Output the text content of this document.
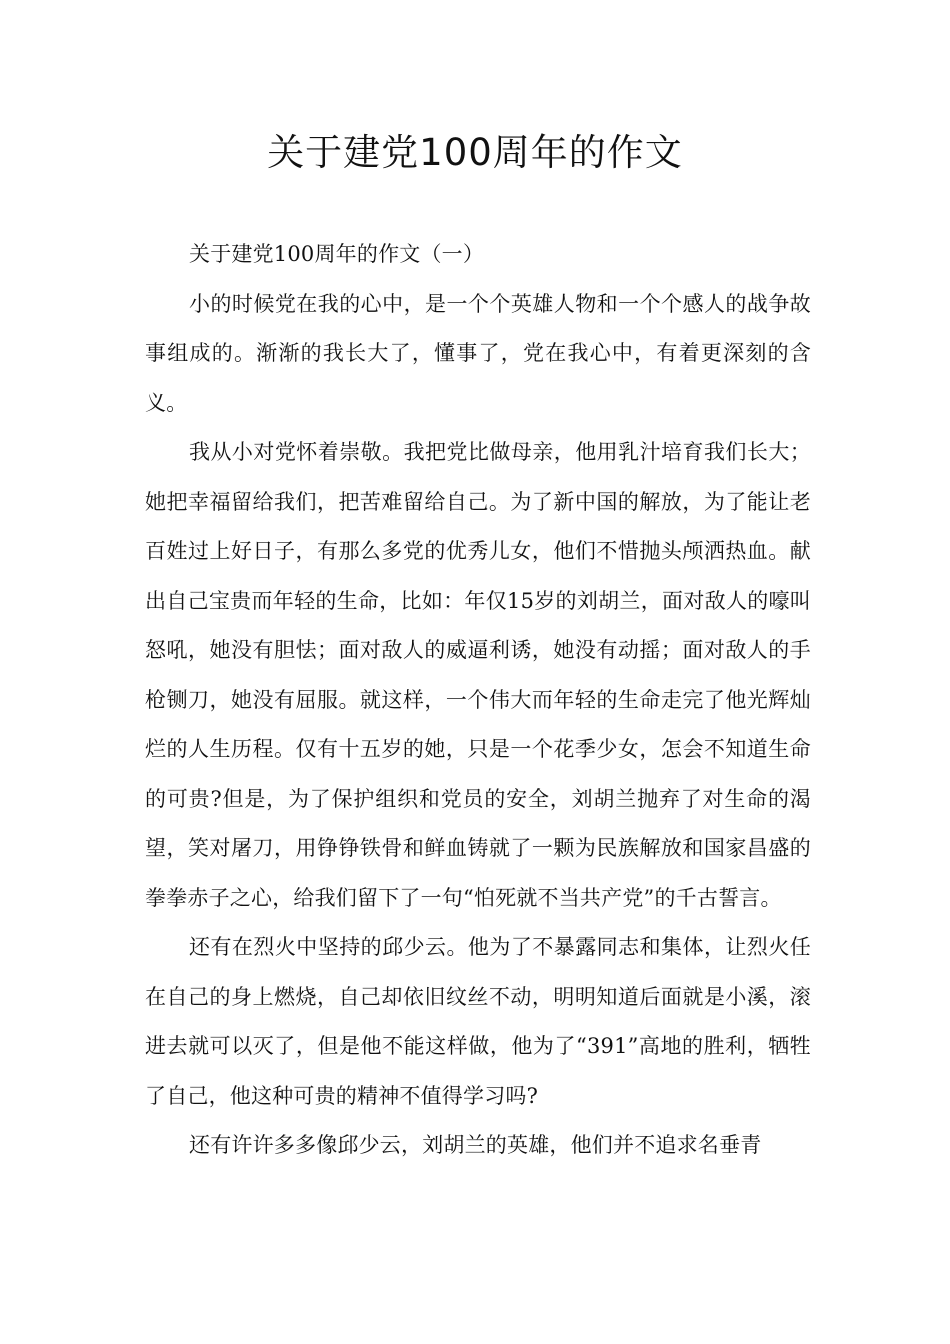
关于建党100周年的作文

关于建党100周年的作文（一）

小的时候党在我的心中，是一个个英雄人物和一个个感人的战争故事组成的。渐渐的我长大了，懂事了，党在我心中，有着更深刻的含义。

我从小对党怀着崇敬。我把党比做母亲，他用乳汁培育我们长大；她把幸福留给我们，把苦难留给自己。为了新中国的解放，为了能让老百姓过上好日子，有那么多党的优秀儿女，他们不惜抛头颅洒热血。献出自己宝贵而年轻的生命，比如：年仅15岁的刘胡兰，面对敌人的嚎叫怒吼，她没有胆怯；面对敌人的威逼利诱，她没有动摇；面对敌人的手枪铡刀，她没有屈服。就这样，一个伟大而年轻的生命走完了他光辉灿烂的人生历程。仅有十五岁的她，只是一个花季少女，怎会不知道生命的可贵?但是，为了保护组织和党员的安全，刘胡兰抛弃了对生命的渴望，笑对屠刀，用铮铮铁骨和鲜血铸就了一颗为民族解放和国家昌盛的拳拳赤子之心，给我们留下了一句“怕死就不当共产党”的千古誓言。

还有在烈火中坚持的邱少云。他为了不暴露同志和集体，让烈火任在自己的身上燃烧，自己却依旧纹丝不动，明明知道后面就是小溪，滚进去就可以灭了，但是他不能这样做，他为了“391”高地的胜利，牺牲了自己，他这种可贵的精神不值得学习吗?

还有许许多多像邱少云，刘胡兰的英雄，他们并不追求名垂青
